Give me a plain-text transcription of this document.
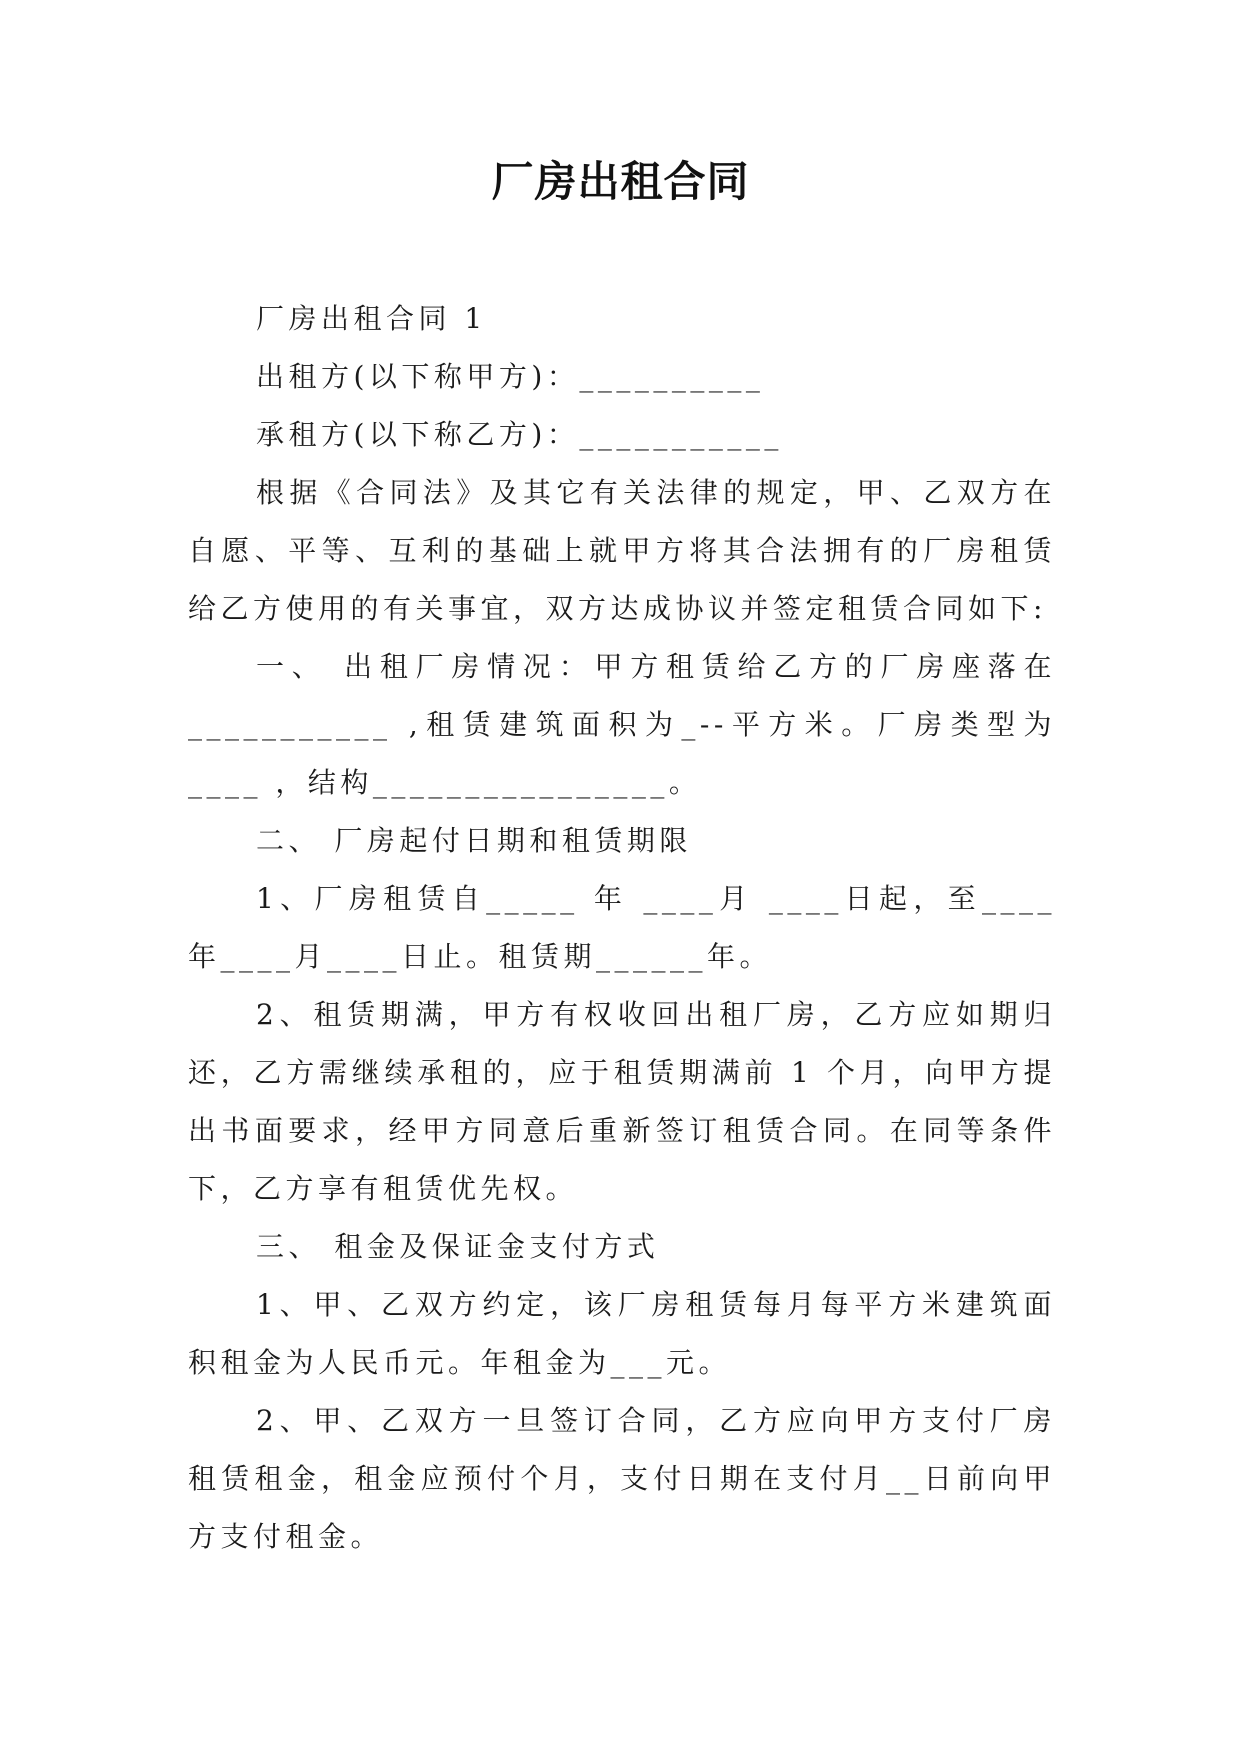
厂房出租合同

厂房出租合同 1

出租方(以下称甲方)：__________

承租方(以下称乙方)：___________

根据《合同法》及其它有关法律的规定，甲、乙双方在自愿、平等、互利的基础上就甲方将其合法拥有的厂房租赁给乙方使用的有关事宜，双方达成协议并签定租赁合同如下:

一、 出租厂房情况：甲方租赁给乙方的厂房座落在___________ ,租赁建筑面积为_--平方米。厂房类型为____ ，结构________________。

二、 厂房起付日期和租赁期限

1、厂房租赁自_____ 年 ____月 ____日起，至____ 年____月____日止。租赁期______年。

2、租赁期满，甲方有权收回出租厂房，乙方应如期归还，乙方需继续承租的，应于租赁期满前 1 个月，向甲方提出书面要求，经甲方同意后重新签订租赁合同。在同等条件下，乙方享有租赁优先权。

三、 租金及保证金支付方式

1、甲、乙双方约定，该厂房租赁每月每平方米建筑面积租金为人民币元。年租金为___元。

2、甲、乙双方一旦签订合同，乙方应向甲方支付厂房租赁租金，租金应预付个月，支付日期在支付月__日前向甲方支付租金。
